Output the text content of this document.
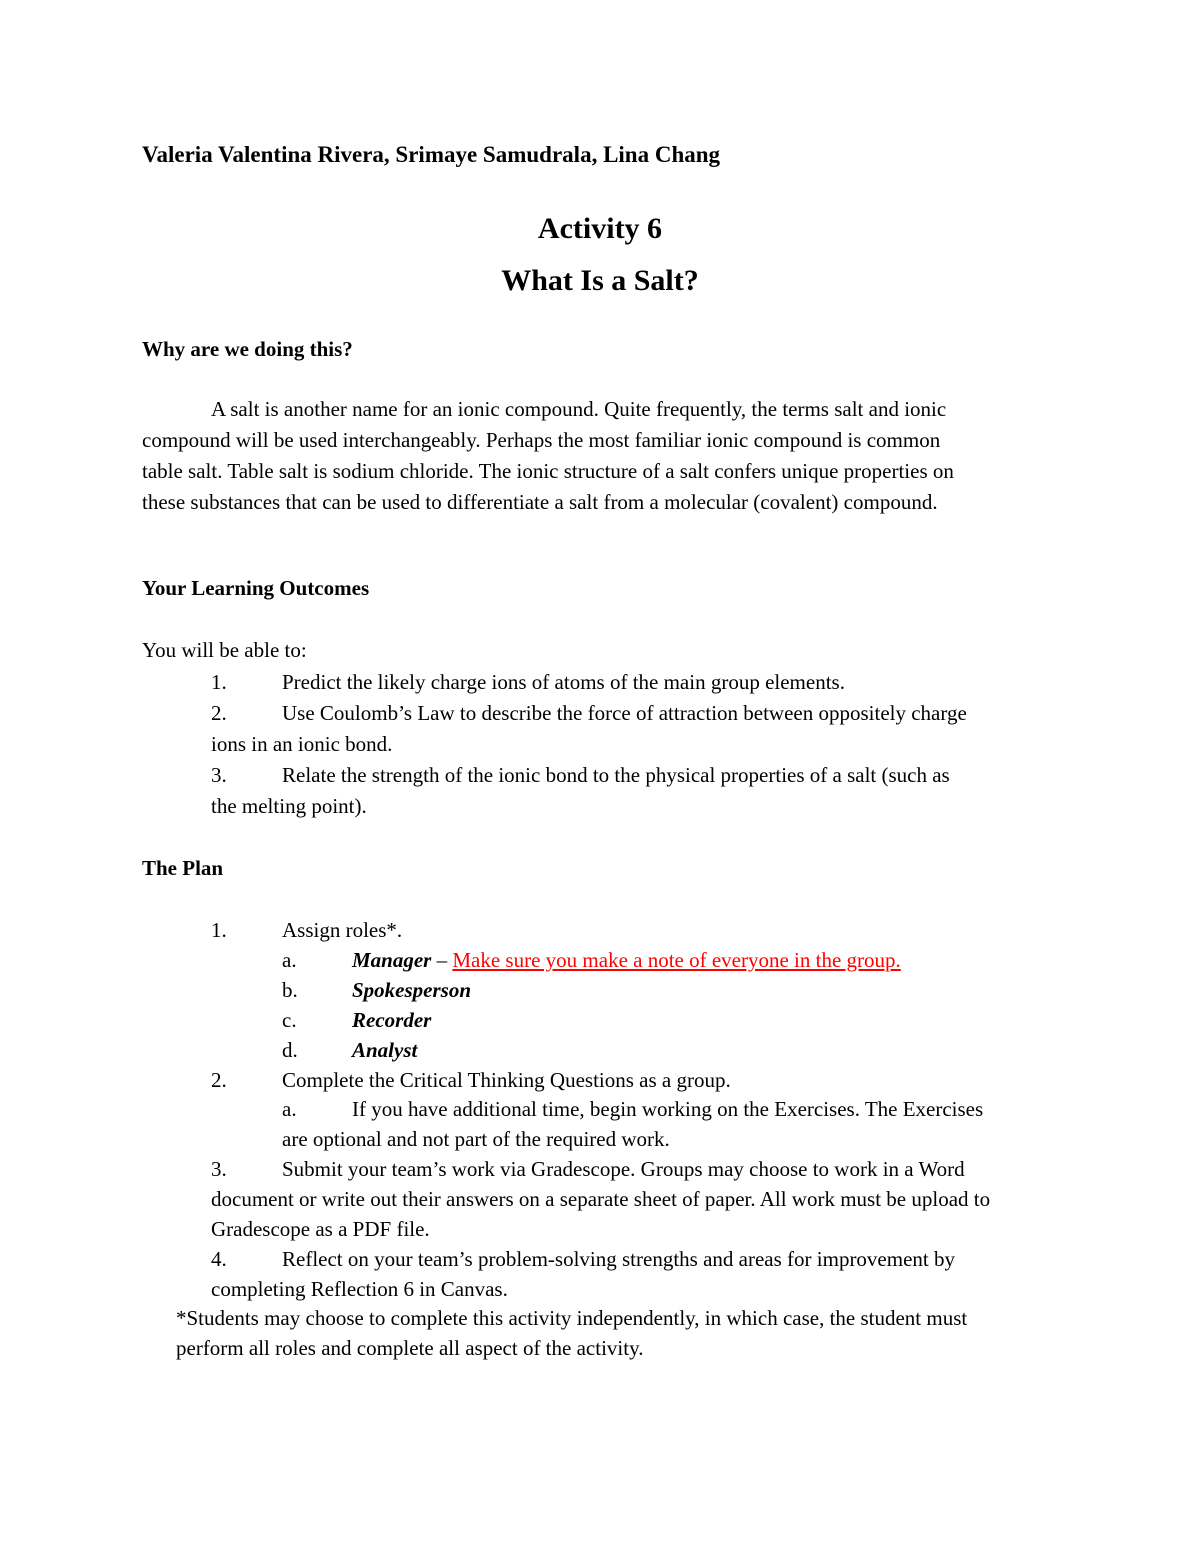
Valeria Valentina Rivera, Srimaye Samudrala, Lina Chang
Activity 6
What Is a Salt?
Why are we doing this?
A salt is another name for an ionic compound. Quite frequently, the terms salt and ionic
compound will be used interchangeably. Perhaps the most familiar ionic compound is common
table salt. Table salt is sodium chloride. The ionic structure of a salt confers unique properties on
these substances that can be used to differentiate a salt from a molecular (covalent) compound.
Your Learning Outcomes
You will be able to:
1.	Predict the likely charge ions of atoms of the main group elements.
2.	Use Coulomb’s Law to describe the force of attraction between oppositely charge
ions in an ionic bond.
3.	Relate the strength of the ionic bond to the physical properties of a salt (such as
the melting point).
The Plan
1.	Assign roles*.
a.	Manager – Make sure you make a note of everyone in the group.
b.	Spokesperson
c.	Recorder
d.	Analyst
2.	Complete the Critical Thinking Questions as a group.
a.	If you have additional time, begin working on the Exercises. The Exercises
are optional and not part of the required work.
3.	Submit your team’s work via Gradescope. Groups may choose to work in a Word
document or write out their answers on a separate sheet of paper. All work must be upload to
Gradescope as a PDF file.
4.	Reflect on your team’s problem-solving strengths and areas for improvement by
completing Reflection 6 in Canvas.
*Students may choose to complete this activity independently, in which case, the student must
perform all roles and complete all aspect of the activity.
